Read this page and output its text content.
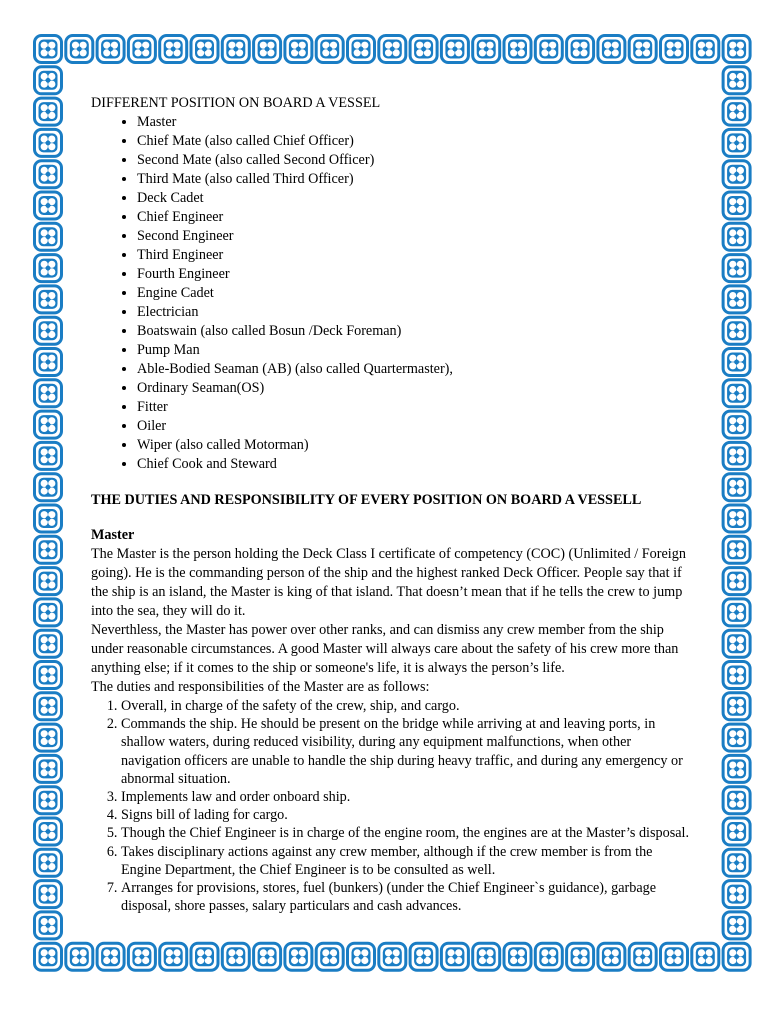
DIFFERENT POSITION ON BOARD A VESSEL
• Master
• Chief Mate (also called Chief Officer)
• Second Mate (also called Second Officer)
• Third Mate (also called Third Officer)
• Deck Cadet
• Chief Engineer
• Second Engineer
• Third Engineer
• Fourth Engineer
• Engine Cadet
• Electrician
• Boatswain (also called Bosun /Deck Foreman)
• Pump Man
• Able-Bodied Seaman (AB) (also called Quartermaster),
• Ordinary Seaman(OS)
• Fitter
• Oiler
• Wiper (also called Motorman)
• Chief Cook and Steward
THE DUTIES AND RESPONSIBILITY OF EVERY POSITION ON BOARD A VESSELL
Master

The Master is the person holding the Deck Class I certificate of competency (COC) (Unlimited / Foreign going). He is the commanding person of the ship and the highest ranked Deck Officer. People say that if the ship is an island, the Master is king of that island. That doesn’t mean that if he tells the crew to jump into the sea, they will do it.

Neverthless, the Master has power over other ranks, and can dismiss any crew member from the ship under reasonable circumstances. A good Master will always care about the safety of his crew more than anything else; if it comes to the ship or someone's life, it is always the person’s life.

The duties and responsibilities of the Master are as follows:

1. Overall, in charge of the safety of the crew, ship, and cargo.
2. Commands the ship. He should be present on the bridge while arriving at and leaving ports, in shallow waters, during reduced visibility, during any equipment malfunctions, when other navigation officers are unable to handle the ship during heavy traffic, and during any emergency or abnormal situation.
3. Implements law and order onboard ship.
4. Signs bill of lading for cargo.
5. Though the Chief Engineer is in charge of the engine room, the engines are at the Master’s disposal.
6. Takes disciplinary actions against any crew member, although if the crew member is from the Engine Department, the Chief Engineer is to be consulted as well.
7. Arranges for provisions, stores, fuel (bunkers) (under the Chief Engineer`s guidance), garbage disposal, shore passes, salary particulars and cash advances.
